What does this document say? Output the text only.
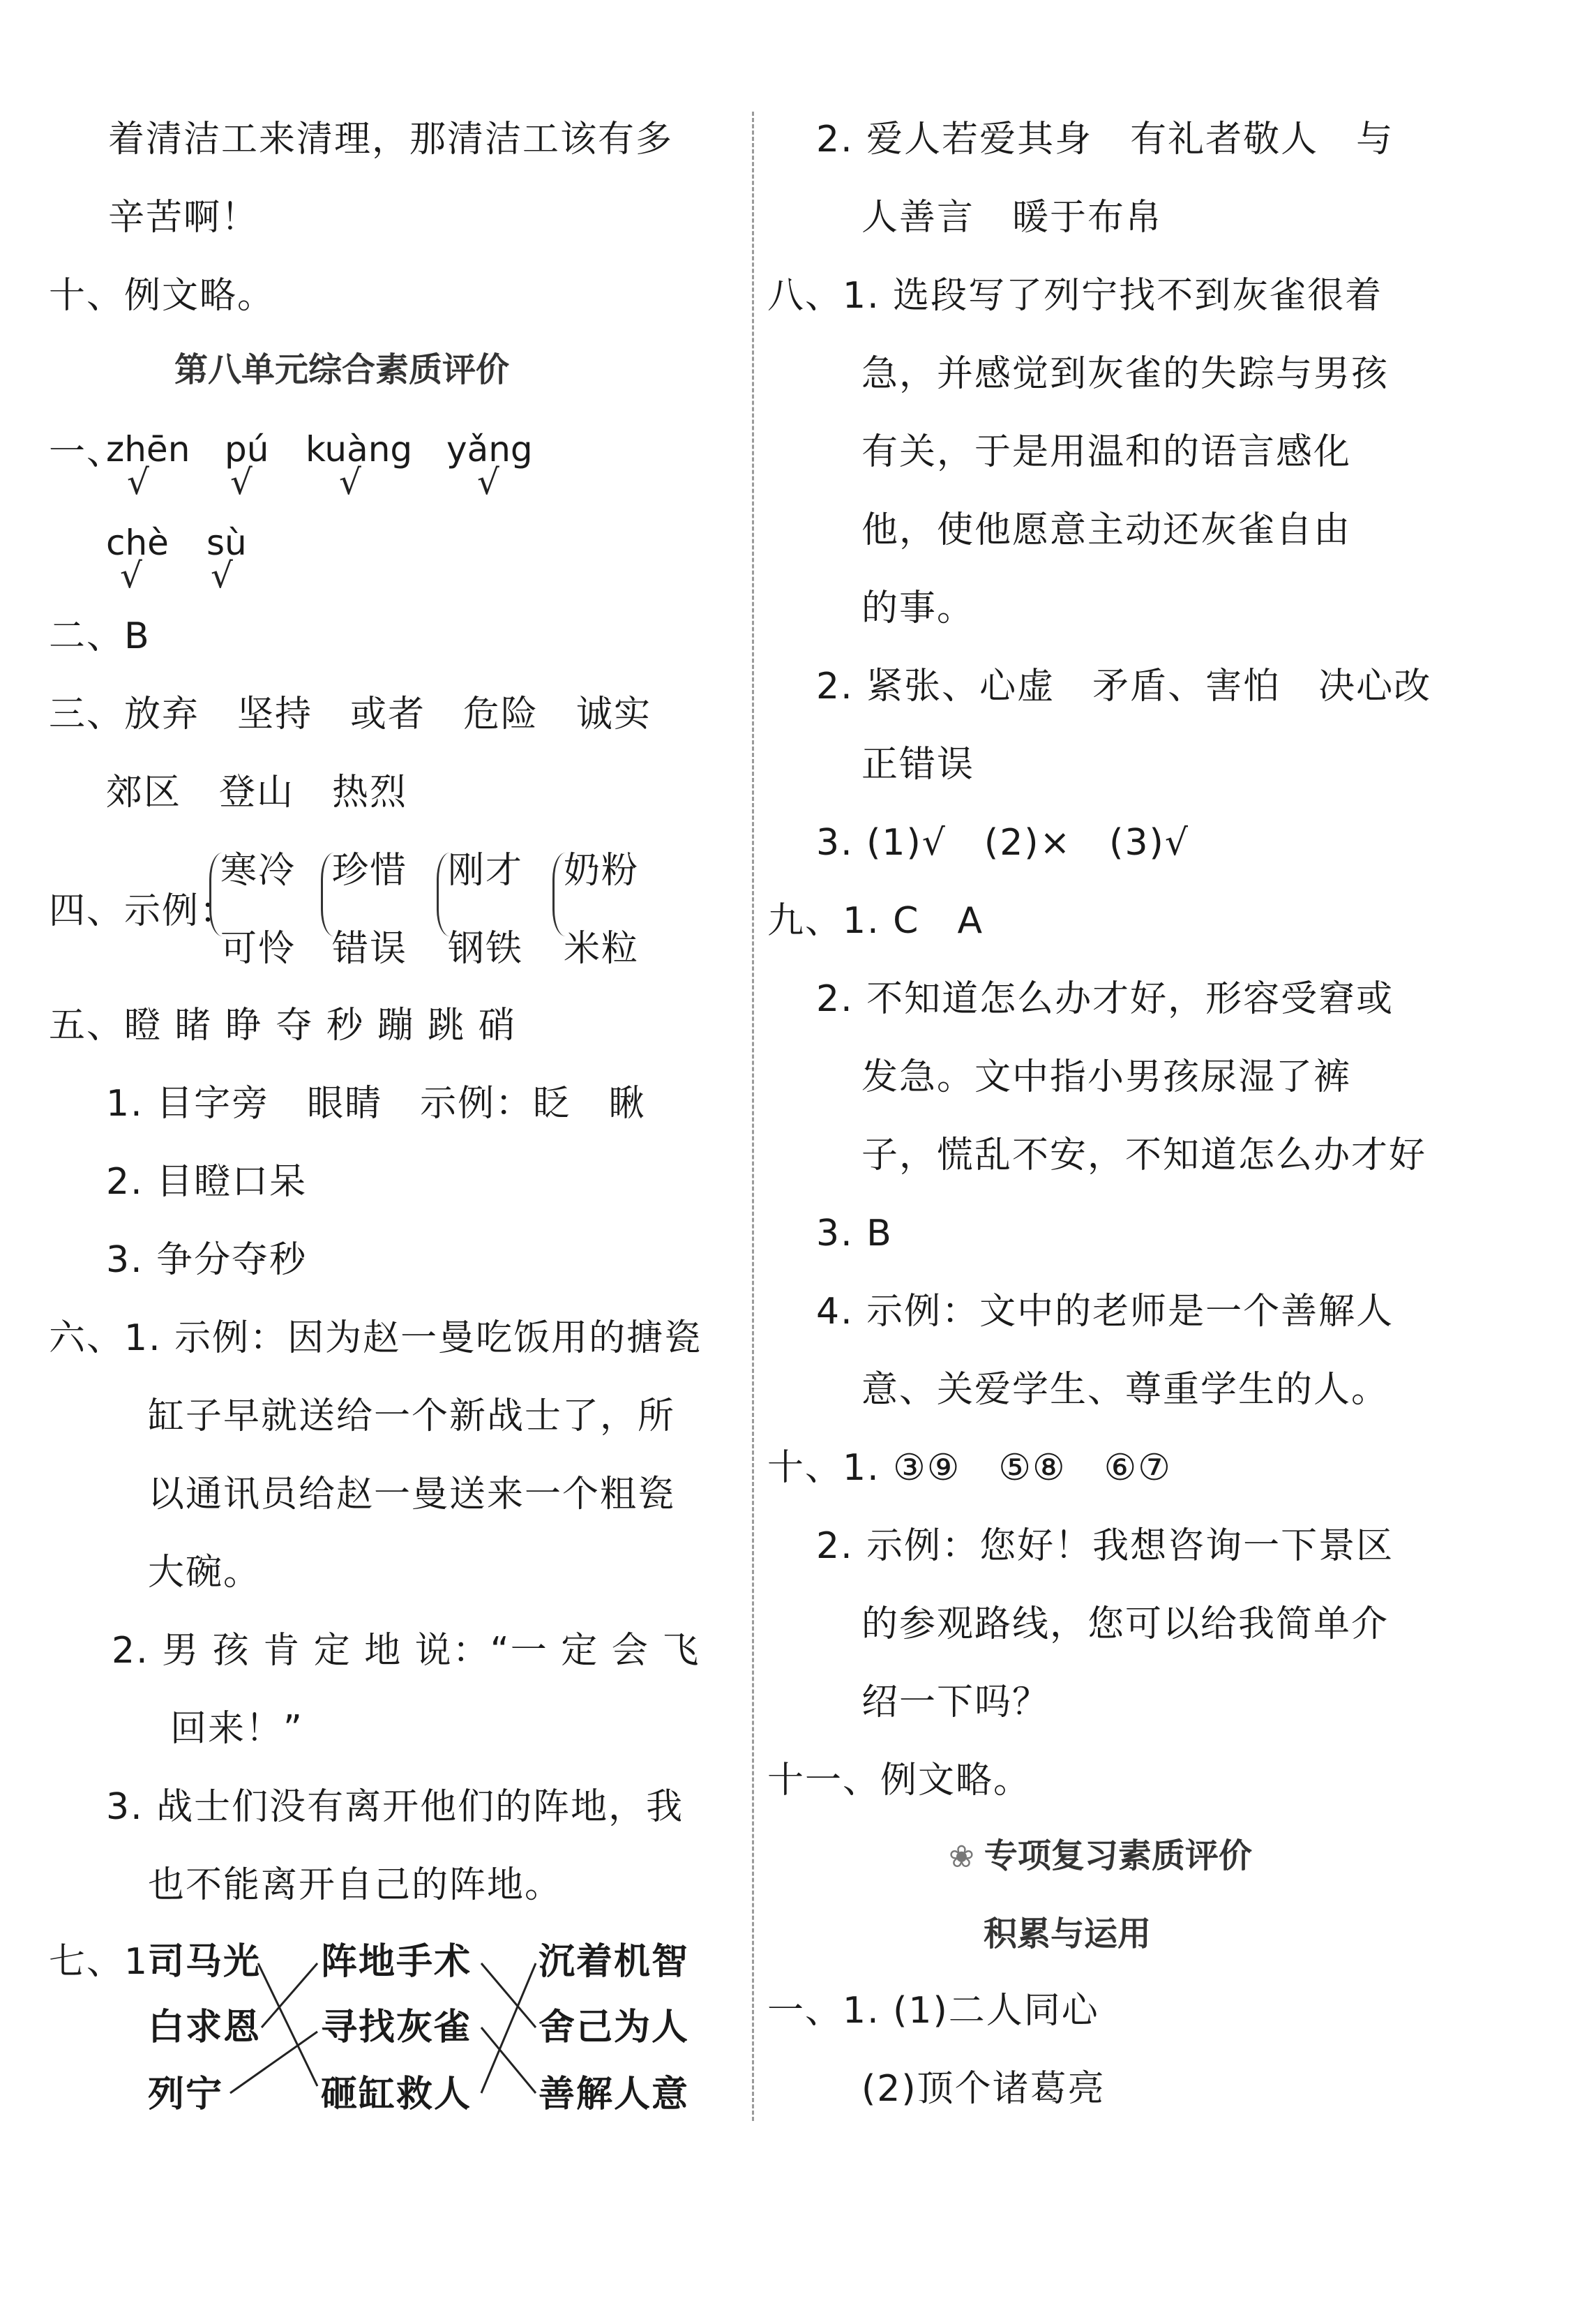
着清洁工来清理，那清洁工该有多
辛苦啊！
十、例文略。
第八单元综合素质评价
一、
zhēn
√
pú
√
kuàng
√
yǎng
√
chè
√
sù
√
二、B
三、放弃　坚持　或者　危险　诚实
郊区　登山　热烈
四、示例：
寒冷
可怜
珍惜
错误
刚才
钢铁
奶粉
米粒
五、瞪 睹 睁 夺 秒 蹦 跳 硝
1. 目字旁　眼睛　示例：眨　瞅
2. 目瞪口呆
3. 争分夺秒
六、1. 示例：因为赵一曼吃饭用的搪瓷
缸子早就送给一个新战士了，所
以通讯员给赵一曼送来一个粗瓷
大碗。
2. 男 孩 肯 定 地 说：“一 定 会 飞
回来！”
3. 战士们没有离开他们的阵地，我
也不能离开自己的阵地。
七、1.
司马光
白求恩
列宁
阵地手术
寻找灰雀
砸缸救人
沉着机智
舍己为人
善解人意
2. 爱人若爱其身　有礼者敬人　与
人善言　暖于布帛
八、1. 选段写了列宁找不到灰雀很着
急，并感觉到灰雀的失踪与男孩
有关，于是用温和的语言感化
他，使他愿意主动还灰雀自由
的事。
2. 紧张、心虚　矛盾、害怕　决心改
正错误
3. (1)√　(2)×　(3)√
九、1. C　A
2. 不知道怎么办才好，形容受窘或
发急。文中指小男孩尿湿了裤
子，慌乱不安，不知道怎么办才好
3. B
4. 示例：文中的老师是一个善解人
意、关爱学生、尊重学生的人。
十、1. ③⑨　⑤⑧　⑥⑦
2. 示例：您好！我想咨询一下景区
的参观路线，您可以给我简单介
绍一下吗？
十一、例文略。
❀ 专项复习素质评价
积累与运用
一、1. (1)二人同心
(2)顶个诸葛亮
